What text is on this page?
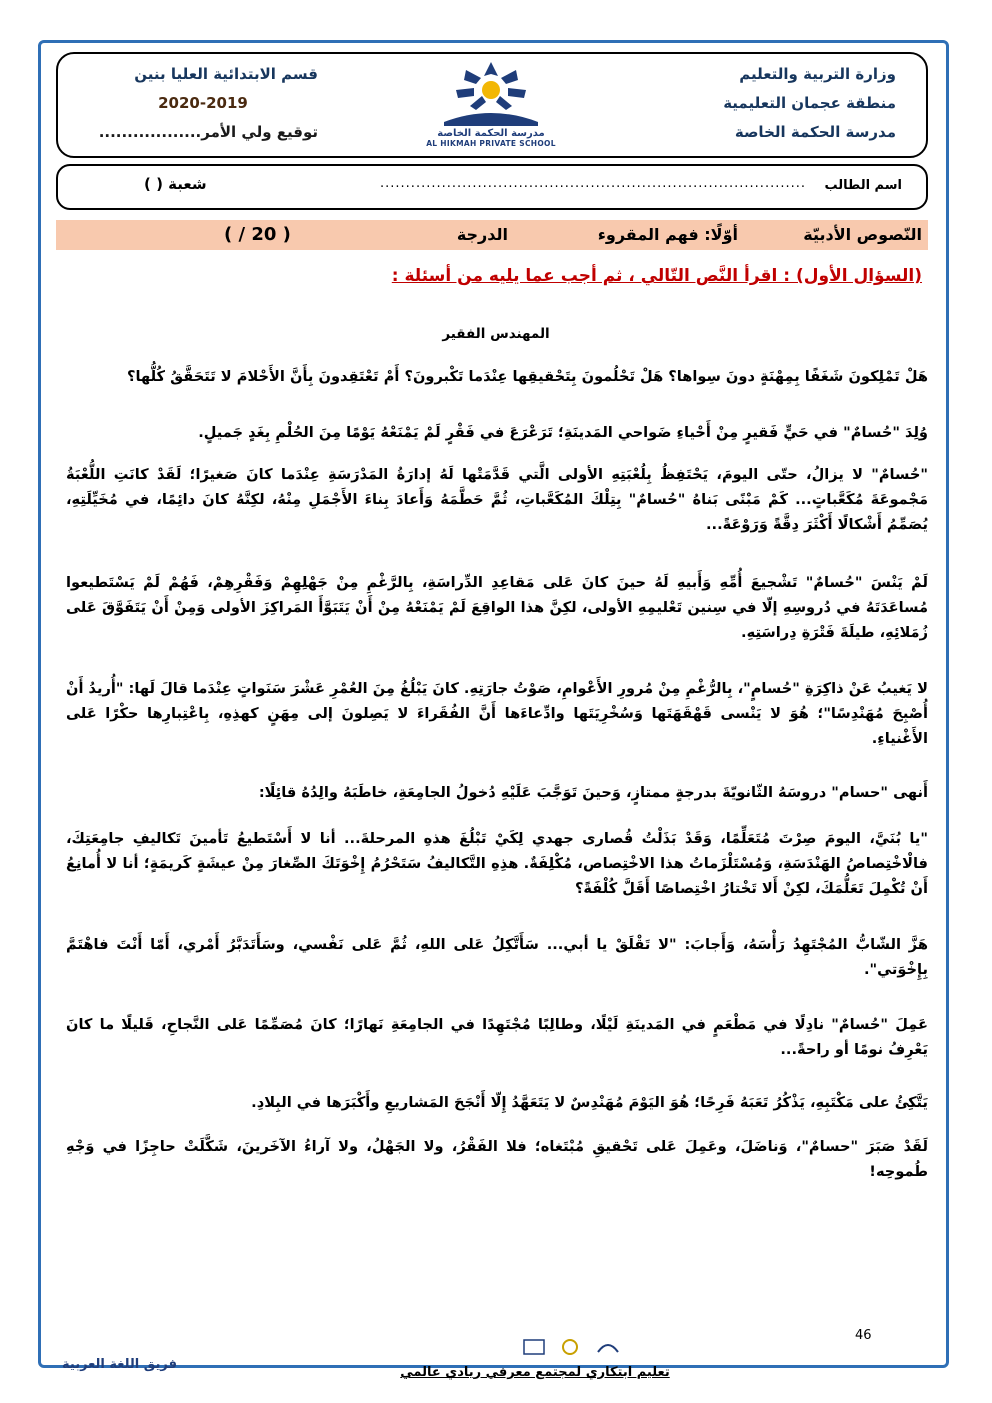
وزارة التربية والتعليم
منطقة عجمان التعليمية
مدرسة الحكمة الخاصة
مدرسة الحكمة الخاصة
AL HIKMAH PRIVATE SCHOOL
قسم الابتدائية العليا بنين
2020-2019
توقيع ولي الأمر..................
اسم الطالب
...................................................................................
شعبة ( )
النّصوص الأدبيّة
أوّلًا: فهم المقروء
الدرجة
( 20 / )
(السؤال الأول) : اقرأ النَّص التّالي ، ثم أجب عما يليه من أسئلة :
المهندس الفقير
هَلْ تَمْلِكونَ شَغَفًا بِمِهْنَةٍ دونَ سِواها؟ هَلْ تَحْلُمونَ بِتَحْقيقِها عِنْدَما تَكْبرونَ؟ أَمْ تَعْتَقِدونَ بِأَنَّ الأَحْلامَ لا تَتَحَقَّقُ كُلُّها؟
وُلِدَ "حُسامٌ" في حَيٍّ فَقيرٍ مِنْ أَحْياءِ ضَواحي المَدينَةِ؛ تَرَعْرَعَ في فَقْرٍ لَمْ يَمْنَعْهُ يَوْمًا مِنَ الحُلْمِ بِغَدٍ جَميلٍ.
"حُسامٌ" لا يزالُ، حتّى اليومَ، يَحْتَفِظُ بِلُعْبَتِهِ الأولى الَّتي قَدَّمَتْها لَهُ إدارَةُ المَدْرَسَةِ عِنْدَما كانَ صَغيرًا؛ لَقَدْ كانَتِ اللُّعْبَةُ مَجْموعَةَ مُكَعَّباتٍ... كَمْ مَبْنًى بَناهُ "حُسامٌ" بِتِلْكَ المُكَعَّباتِ، ثُمَّ حَطَّمَهُ وَأَعادَ بِناءَ الأَجْمَلِ مِنْهُ، لكِنَّهُ كانَ دائِمًا، في مُخَيِّلَتِهِ، يُصَمِّمُ أَشْكالًا أَكْثَرَ دِقَّةً وَرَوْعَةً...
لَمْ يَنْسَ "حُسامٌ" تَشْجيعَ أُمِّهِ وَأَبيهِ لَهُ حينَ كانَ عَلى مَقاعِدِ الدِّراسَةِ، بِالرَّغْمِ مِنْ جَهْلِهِمْ وَفَقْرِهِمْ، فَهُمْ لَمْ يَسْتَطيعوا مُساعَدَتَهُ في دُروسِهِ إلّا في سِنين تَعْليمِهِ الأولى، لكِنَّ هذا الواقِعَ لَمْ يَمْنَعْهُ مِنْ أَنْ يَتَبَوَّأَ المَراكِزَ الأولى وَمِنْ أَنْ يَتَفَوَّقَ عَلى زُمَلائِهِ، طيلَةَ فَتْرَةِ دِراسَتِهِ.
لا يَغيبُ عَنْ ذاكِرَةِ "حُسامٍ"، بِالرُّغْمِ مِنْ مُرورِ الأَعْوامِ، صَوْتُ جارَتِهِ. كانَ يَبْلُغُ مِنَ العُمْرِ عَشْرَ سَنَواتٍ عِنْدَما قالَ لَها: "أُريدُ أَنْ أُصْبِحَ مُهَنْدِسًا"؛ هُوَ لا يَنْسى قَهْقَهَتَها وَسُخْرِيَتَها وادِّعاءَها أَنَّ الفُقَراءَ لا يَصِلونَ إلى مِهَنٍ كهذِهِ، بِاعْتِبارِها حكْرًا عَلى الأَغْنياءِ.
أَنهى "حسام" دروسَهُ الثّانويّةَ بدرجةٍ ممتازٍ، وَحينَ تَوَجَّبَ عَلَيْهِ دُخولُ الجامِعَةِ، خاطَبَهُ والِدُهُ قائِلًا:
"يا بُنَيَّ، اليومَ صِرْتَ مُتَعَلِّمًا، وَقَدْ بَذَلْتُ قُصارى جهدي لِكَيْ تَبْلُغَ هذهِ المرحلةَ... أنا لا أَسْتَطيعُ تَأمينَ تَكاليفِ جامِعَتِكَ، فالْاخْتِصاصُ الهَنْدَسَةِ، وَمُسْتَلْزَماتُ هذا الاخْتِصاص، مُكْلِفَةٌ. هذِهِ التَّكاليفُ سَتَحْرُمُ إِخْوَتَكَ الصِّغارَ مِنْ عيشَةٍ كَريمَةٍ؛ أنا لا أُمانِعُ أَنْ تُكْمِلَ تَعَلُّمَكَ، لكِنْ أَلا تَخْتارُ اخْتِصاصًا أَقَلَّ كُلْفَةً؟
هَزَّ الشّابُّ المُجْتَهِدُ رَأْسَهُ، وَأَجابَ: "لا تَقْلَقْ يا أبي... سَأَتَّكِلُ عَلى اللهِ، ثُمَّ عَلى نَفْسي، وسَأَتَدَبَّرُ أَمْري، أَمّا أَنْتَ فاهْتَمَّ بِإِخْوَتي".
عَمِلَ "حُسامٌ" نادِلًا في مَطْعَمٍ في المَدينَةِ لَيْلًا، وطالِبًا مُجْتَهِدًا في الجامِعَةِ نَهارًا؛ كانَ مُصَمِّمًا عَلى النَّجاحِ، قَليلًا ما كانَ يَعْرِفُ نومًا أو راحةً...
يَتَّكِئُ على مَكْتَبِهِ، يَذْكُرُ تَعَبَهُ فَرِحًا؛ هُوَ اليَوْمَ مُهَنْدِسٌ لا يَتَعَهَّدُ إِلّا أَنْجَحَ المَشاريعِ وأَكْبَرَها في البِلادِ.
لَقَدْ صَبَرَ "حسامٌ"، وَناضَلَ، وعَمِلَ عَلى تَحْقيقِ مُبْتَغاه؛ فلا الفَقْرُ، ولا الجَهْلُ، ولا آراءُ الآخَرينَ، شَكَّلَتْ حاجِزًا في وَجْهِ طُموحِه!
46
فريق اللغة العربية
تعليم ابتكاري لمجتمع معرفي ريادي عالمي
